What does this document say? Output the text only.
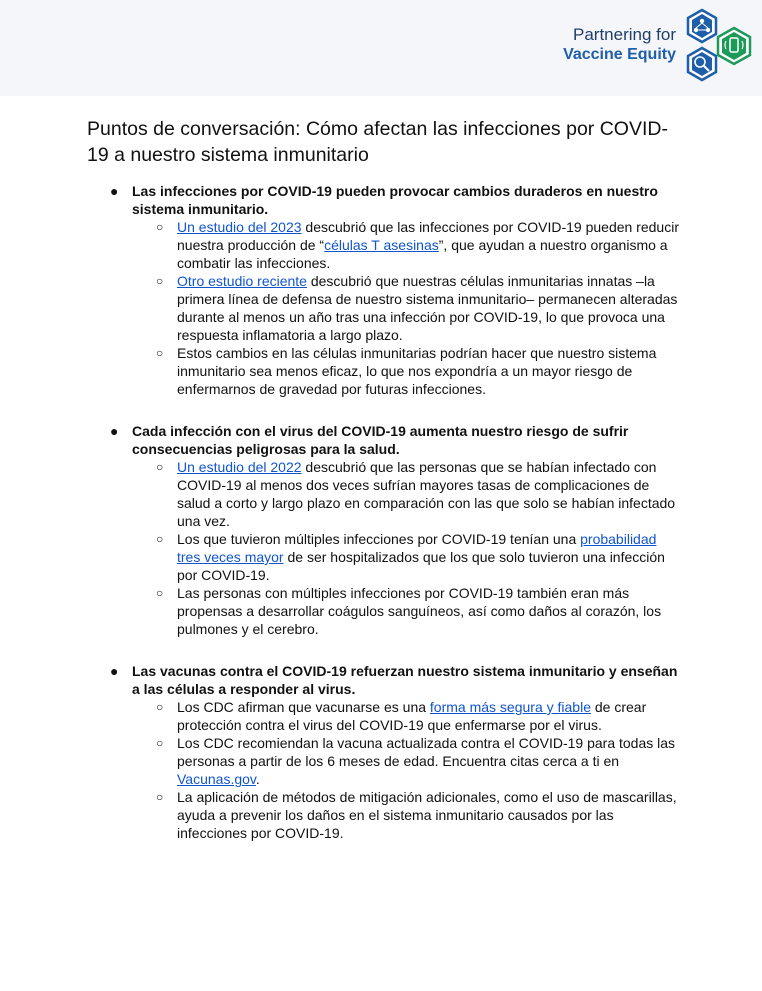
Partnering for
Vaccine Equity
Puntos de conversación: Cómo afectan las infecciones por COVID-19 a nuestro sistema inmunitario
● Las infecciones por COVID-19 pueden provocar cambios duraderos en nuestro sistema inmunitario.
○ Un estudio del 2023 descubrió que las infecciones por COVID-19 pueden reducir nuestra producción de “células T asesinas”, que ayudan a nuestro organismo a combatir las infecciones.
○ Otro estudio reciente descubrió que nuestras células inmunitarias innatas –la primera línea de defensa de nuestro sistema inmunitario– permanecen alteradas durante al menos un año tras una infección por COVID-19, lo que provoca una respuesta inflamatoria a largo plazo.
○ Estos cambios en las células inmunitarias podrían hacer que nuestro sistema inmunitario sea menos eficaz, lo que nos expondría a un mayor riesgo de enfermarnos de gravedad por futuras infecciones.
● Cada infección con el virus del COVID-19 aumenta nuestro riesgo de sufrir consecuencias peligrosas para la salud.
○ Un estudio del 2022 descubrió que las personas que se habían infectado con COVID-19 al menos dos veces sufrían mayores tasas de complicaciones de salud a corto y largo plazo en comparación con las que solo se habían infectado una vez.
○ Los que tuvieron múltiples infecciones por COVID-19 tenían una probabilidad tres veces mayor de ser hospitalizados que los que solo tuvieron una infección por COVID-19.
○ Las personas con múltiples infecciones por COVID-19 también eran más propensas a desarrollar coágulos sanguíneos, así como daños al corazón, los pulmones y el cerebro.
● Las vacunas contra el COVID-19 refuerzan nuestro sistema inmunitario y enseñan a las células a responder al virus.
○ Los CDC afirman que vacunarse es una forma más segura y fiable de crear protección contra el virus del COVID-19 que enfermarse por el virus.
○ Los CDC recomiendan la vacuna actualizada contra el COVID-19 para todas las personas a partir de los 6 meses de edad. Encuentra citas cerca a ti en Vacunas.gov.
○ La aplicación de métodos de mitigación adicionales, como el uso de mascarillas, ayuda a prevenir los daños en el sistema inmunitario causados por las infecciones por COVID-19.
